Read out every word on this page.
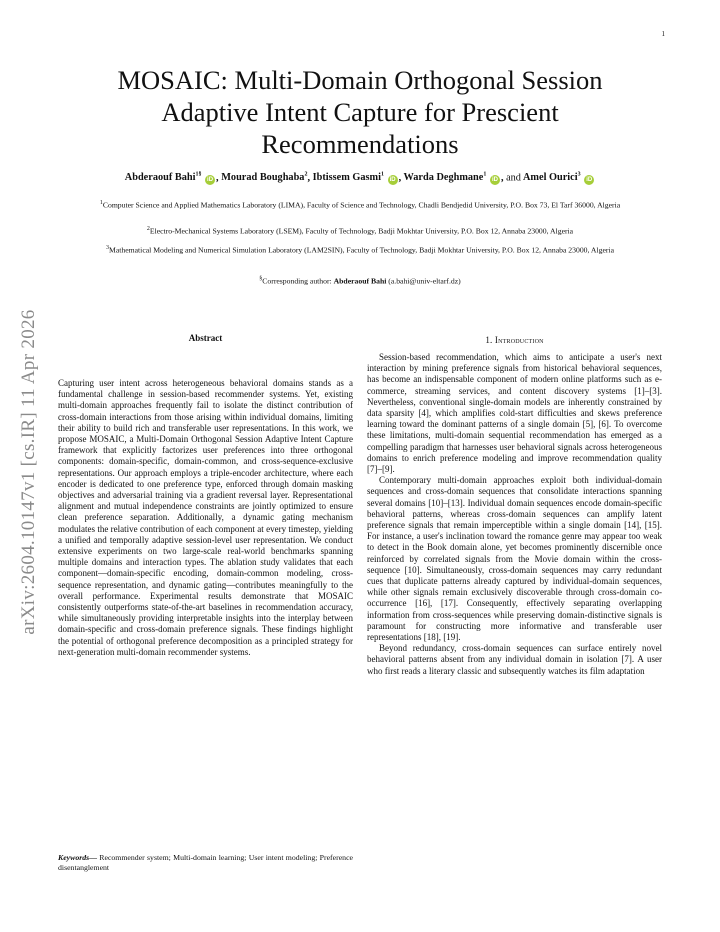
1
arXiv:2604.10147v1 [cs.IR] 11 Apr 2026
MOSAIC: Multi-Domain Orthogonal Session Adaptive Intent Capture for Prescient Recommendations
Abderaouf Bahi$^{1\S}$ iD , Mourad Boughaba$^2$, Ibtissem Gasmi$^1$ iD , Warda Deghmane$^1$ iD , and Amel Ourici$^3$ iD
$^1$Computer Science and Applied Mathematics Laboratory (LIMA), Faculty of Science and Technology, Chadli Bendjedid University, P.O. Box 73, El Tarf 36000, Algeria
$^2$Electro-Mechanical Systems Laboratory (LSEM), Faculty of Technology, Badji Mokhtar University, P.O. Box 12, Annaba 23000, Algeria
$^3$Mathematical Modeling and Numerical Simulation Laboratory (LAM2SIN), Faculty of Technology, Badji Mokhtar University, P.O. Box 12, Annaba 23000, Algeria
§Corresponding author: Abderaouf Bahi (a.bahi@univ-eltarf.dz)
Abstract

Capturing user intent across heterogeneous behavioral domains stands as a fundamental challenge in session-based recommender systems. Yet, existing multi-domain approaches frequently fail to isolate the distinct contribution of cross-domain interactions from those arising within individual domains, limiting their ability to build rich and transferable user representations. In this work, we propose MOSAIC, a Multi-Domain Orthogonal Session Adaptive Intent Capture framework that explicitly factorizes user preferences into three orthogonal components: domain-specific, domain-common, and cross-sequence-exclusive representations. Our approach employs a triple-encoder architecture, where each encoder is dedicated to one preference type, enforced through domain masking objectives and adversarial training via a gradient reversal layer. Representational alignment and mutual independence constraints are jointly optimized to ensure clean preference separation. Additionally, a dynamic gating mechanism modulates the relative contribution of each component at every timestep, yielding a unified and temporally adaptive session-level user representation. We conduct extensive experiments on two large-scale real-world benchmarks spanning multiple domains and interaction types. The ablation study validates that each component—domain-specific encoding, domain-common modeling, cross-sequence representation, and dynamic gating—contributes meaningfully to the overall performance. Experimental results demonstrate that MOSAIC consistently outperforms state-of-the-art baselines in recommendation accuracy, while simultaneously providing interpretable insights into the interplay between domain-specific and cross-domain preference signals. These findings highlight the potential of orthogonal preference decomposition as a principled strategy for next-generation multi-domain recommender systems.

Keywords— Recommender system; Multi-domain learning; User intent modeling; Preference disentanglement
1. Introduction

Session-based recommendation, which aims to anticipate a user's next interaction by mining preference signals from historical behavioral sequences, has become an indispensable component of modern online platforms such as e-commerce, streaming services, and content discovery systems [1]–[3]. Nevertheless, conventional single-domain models are inherently constrained by data sparsity [4], which amplifies cold-start difficulties and skews preference learning toward the dominant patterns of a single domain [5], [6]. To overcome these limitations, multi-domain sequential recommendation has emerged as a compelling paradigm that harnesses user behavioral signals across heterogeneous domains to enrich preference modeling and improve recommendation quality [7]–[9].

Contemporary multi-domain approaches exploit both individual-domain sequences and cross-domain sequences that consolidate interactions spanning several domains [10]–[13]. Individual domain sequences encode domain-specific behavioral patterns, whereas cross-domain sequences can amplify latent preference signals that remain imperceptible within a single domain [14], [15]. For instance, a user's inclination toward the romance genre may appear too weak to detect in the Book domain alone, yet becomes prominently discernible once reinforced by correlated signals from the Movie domain within the cross-sequence [10]. Simultaneously, cross-domain sequences may carry redundant cues that duplicate patterns already captured by individual-domain sequences, while other signals remain exclusively discoverable through cross-domain co-occurrence [16], [17]. Consequently, effectively separating overlapping information from cross-sequences while preserving domain-distinctive signals is paramount for constructing more informative and transferable user representations [18], [19].

Beyond redundancy, cross-domain sequences can surface entirely novel behavioral patterns absent from any individual domain in isolation [7]. A user who first reads a literary classic and subsequently watches its film adaptation
